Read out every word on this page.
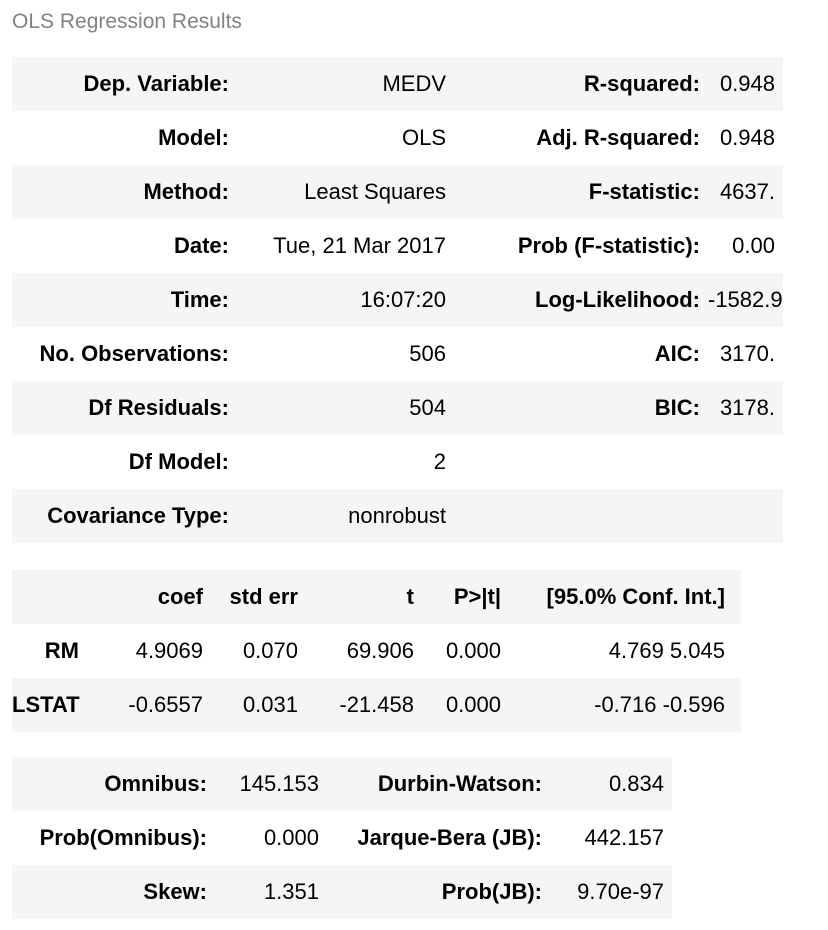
OLS Regression Results
Dep. Variable:	MEDV	R-squared:	0.948
Model:	OLS	Adj. R-squared:	0.948
Method:	Least Squares	F-statistic:	4637.
Date:	Tue, 21 Mar 2017	Prob (F-statistic):	0.00
Time:	16:07:20	Log-Likelihood:	-1582.9
No. Observations:	506	AIC:	3170.
Df Residuals:	504	BIC:	3178.
Df Model:	2		
Covariance Type:	nonrobust		
	coef	std err	t	P>|t|	[95.0% Conf. Int.]
RM	4.9069	0.070	69.906	0.000	4.769 5.045
LSTAT	-0.6557	0.031	-21.458	0.000	-0.716 -0.596
Omnibus:	145.153	Durbin-Watson:	0.834
Prob(Omnibus):	0.000	Jarque-Bera (JB):	442.157
Skew:	1.351	Prob(JB):	9.70e-97
